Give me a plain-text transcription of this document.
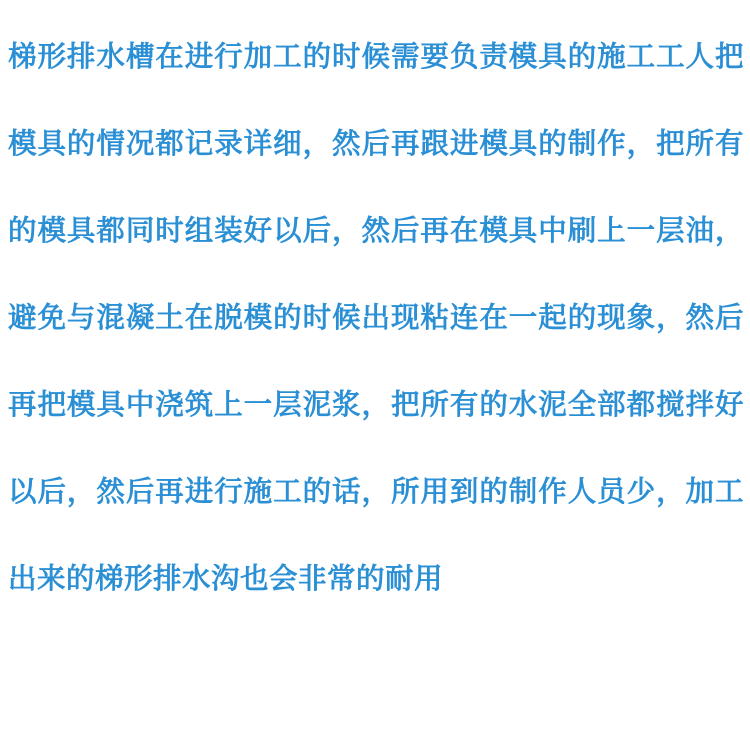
梯形排水槽在进行加工的时候需要负责模具的施工工人把模具的情况都记录详细，然后再跟进模具的制作，把所有的模具都同时组装好以后，然后再在模具中刷上一层油，避免与混凝土在脱模的时候出现粘连在一起的现象，然后再把模具中浇筑上一层泥浆，把所有的水泥全部都搅拌好以后，然后再进行施工的话，所用到的制作人员少，加工出来的梯形排水沟也会非常的耐用
